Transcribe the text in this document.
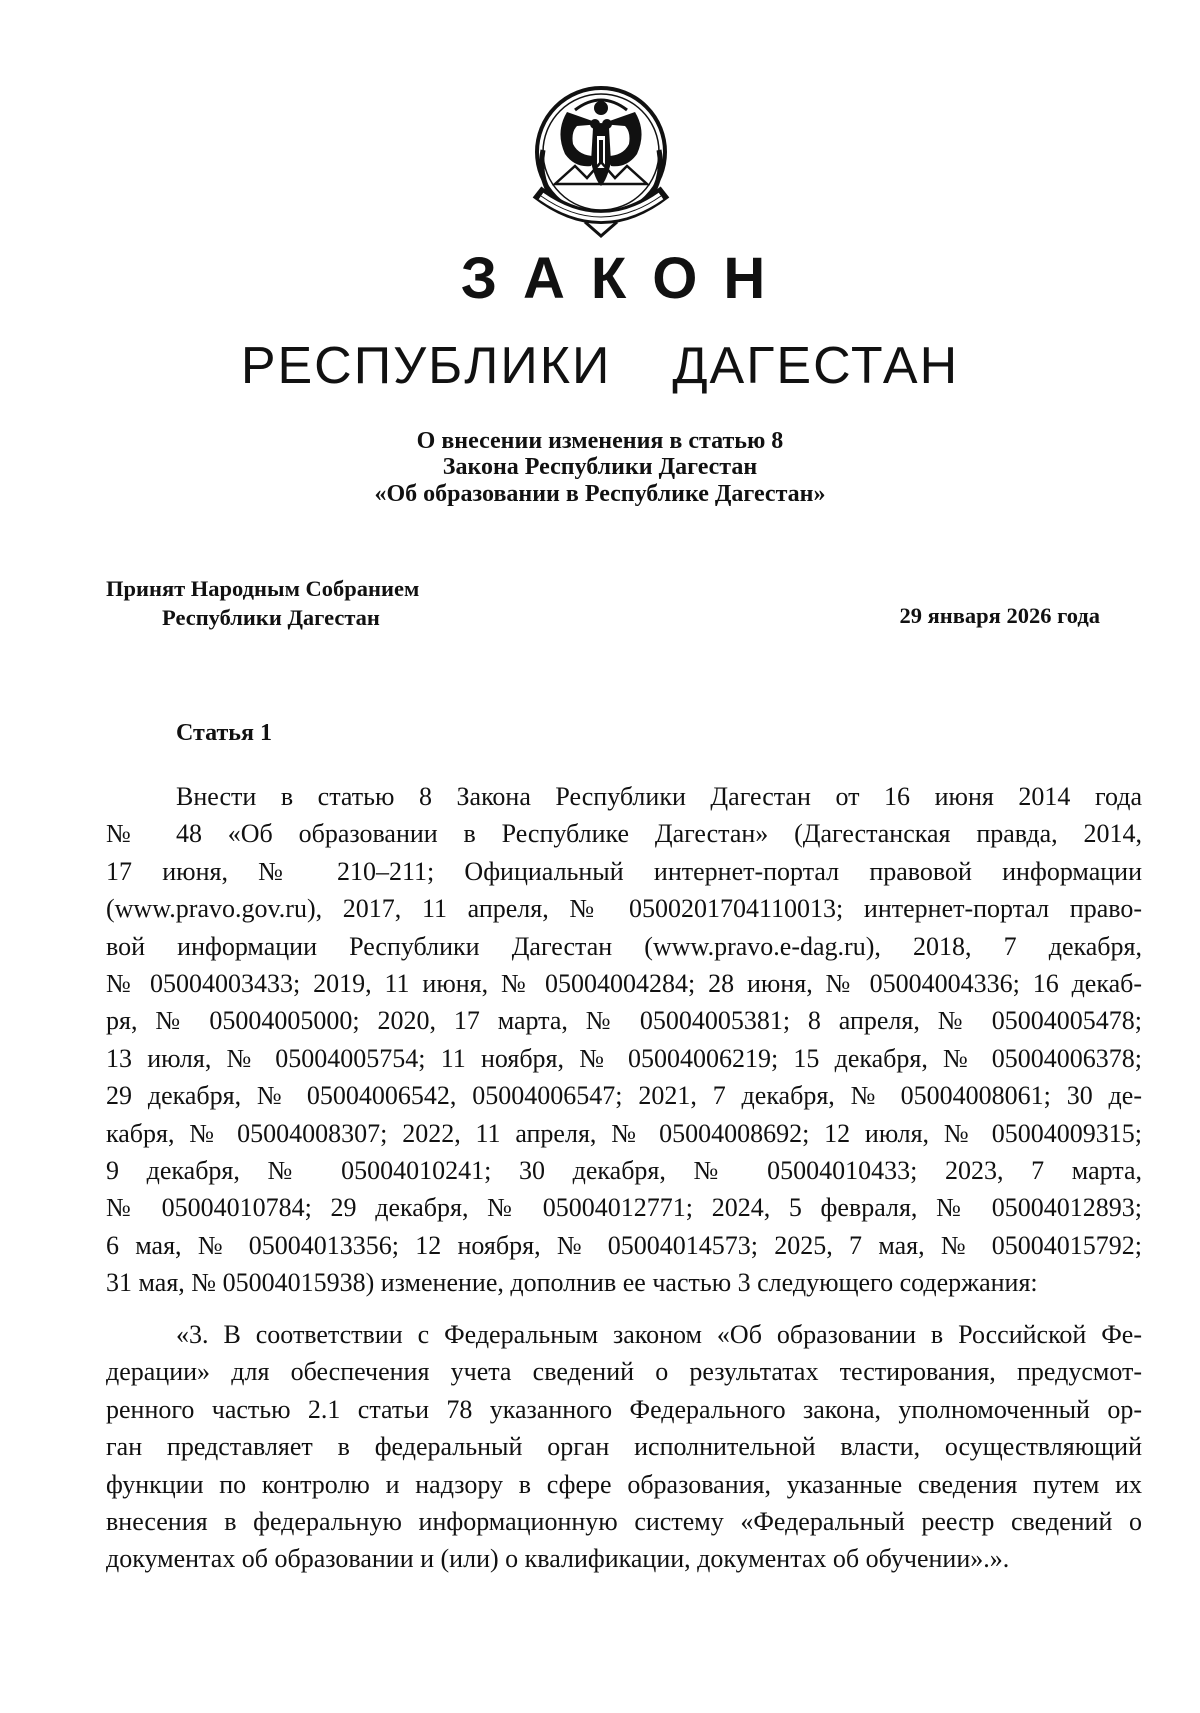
ЗАКОН
РЕСПУБЛИКИ  ДАГЕСТАН
О внесении изменения в статью 8
Закона Республики Дагестан
«Об образовании в Республике Дагестан»
Принят Народным Собранием
Республики Дагестан	29 января 2026 года
Статья 1
Внести в статью 8 Закона Республики Дагестан от 16 июня 2014 года
№ 48 «Об образовании в Республике Дагестан» (Дагестанская правда, 2014,
17 июня, № 210–211; Официальный интернет-портал правовой информации
(www.pravo.gov.ru), 2017, 11 апреля, № 0500201704110013; интернет-портал право-
вой информации Республики Дагестан (www.pravo.e-dag.ru), 2018, 7 декабря,
№ 05004003433; 2019, 11 июня, № 05004004284; 28 июня, № 05004004336; 16 декаб-
ря, № 05004005000; 2020, 17 марта, № 05004005381; 8 апреля, № 05004005478;
13 июля, № 05004005754; 11 ноября, № 05004006219; 15 декабря, № 05004006378;
29 декабря, № 05004006542, 05004006547; 2021, 7 декабря, № 05004008061; 30 де-
кабря, № 05004008307; 2022, 11 апреля, № 05004008692; 12 июля, № 05004009315;
9 декабря, № 05004010241; 30 декабря, № 05004010433; 2023, 7 марта,
№ 05004010784; 29 декабря, № 05004012771; 2024, 5 февраля, № 05004012893;
6 мая, № 05004013356; 12 ноября, № 05004014573; 2025, 7 мая, № 05004015792;
31 мая, № 05004015938) изменение, дополнив ее частью 3 следующего содержания:
«3. В соответствии с Федеральным законом «Об образовании в Российской Фе-
дерации» для обеспечения учета сведений о результатах тестирования, предусмот-
ренного частью 2.1 статьи 78 указанного Федерального закона, уполномоченный ор-
ган представляет в федеральный орган исполнительной власти, осуществляющий
функции по контролю и надзору в сфере образования, указанные сведения путем их
внесения в федеральную информационную систему «Федеральный реестр сведений о
документах об образовании и (или) о квалификации, документах об обучении».».
